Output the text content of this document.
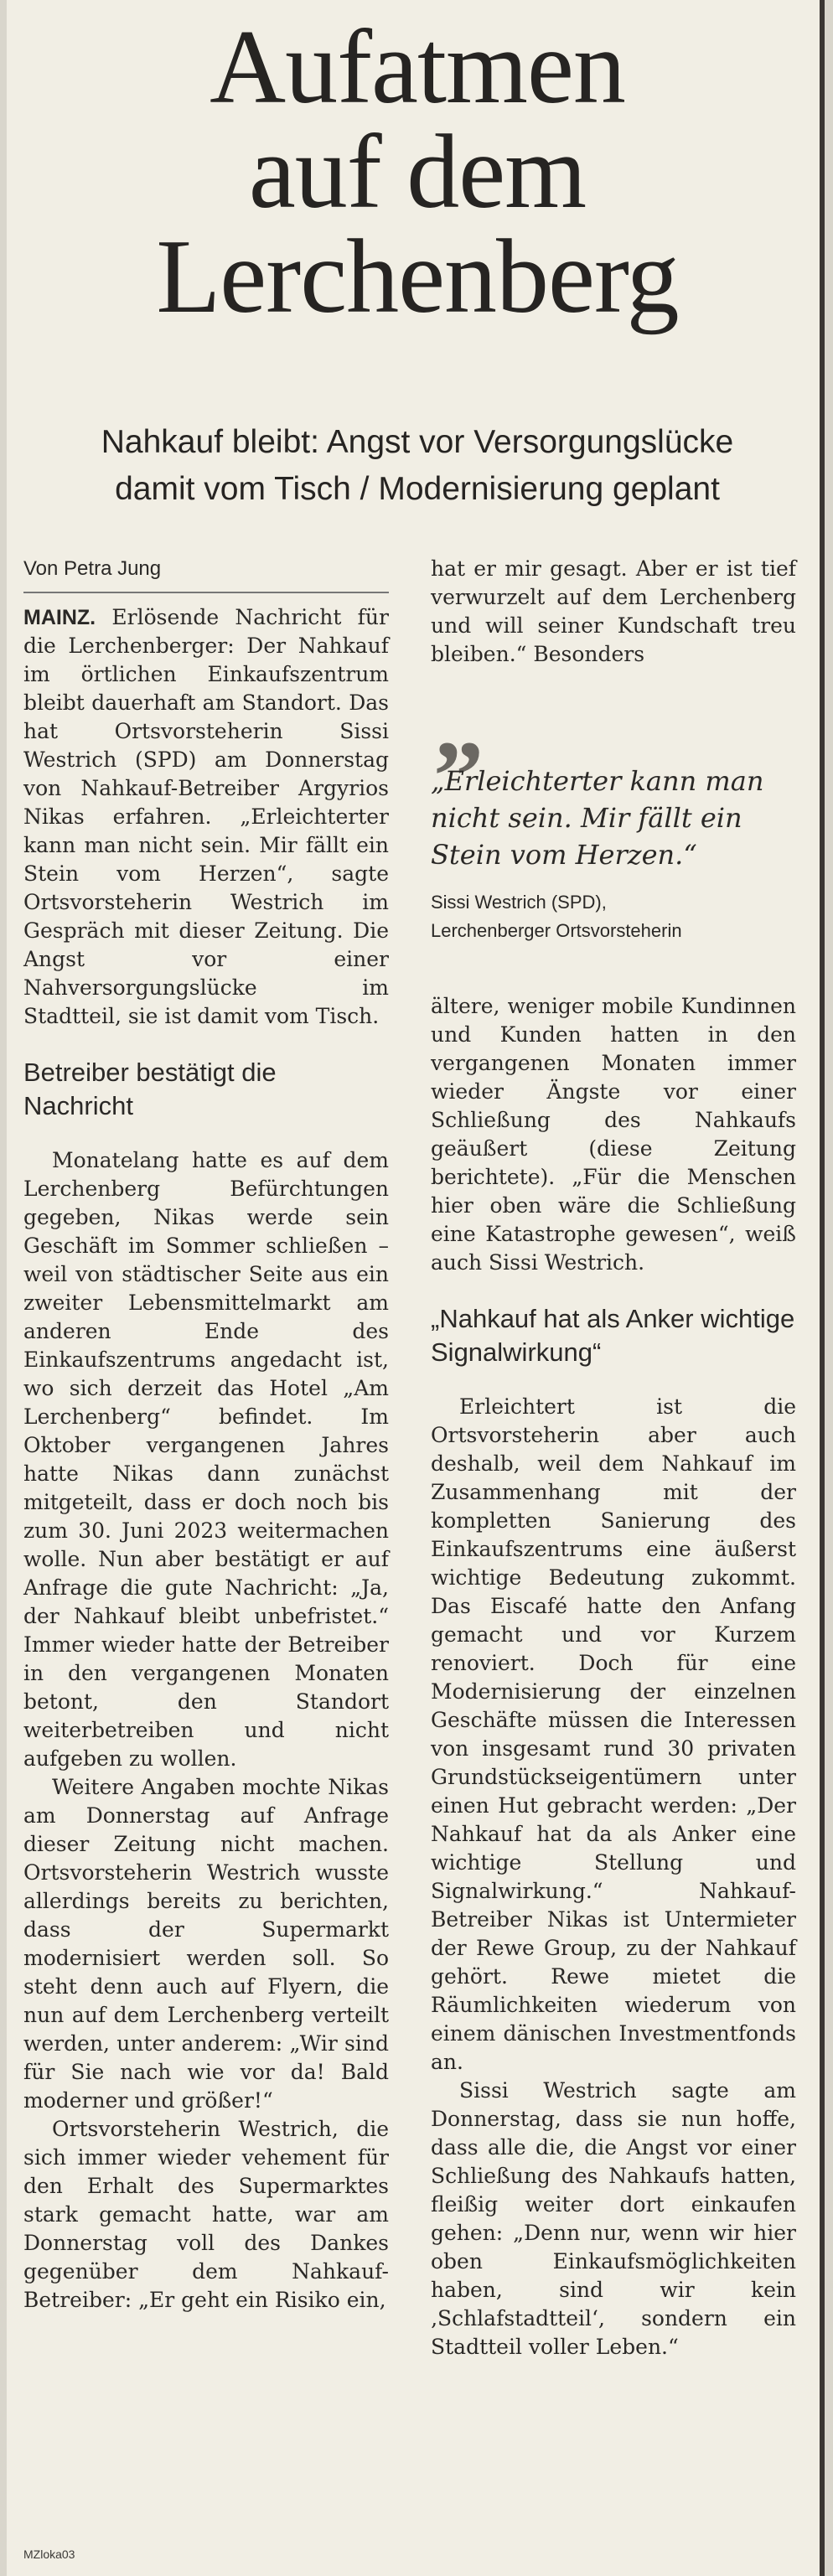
Aufatmen
auf dem
Lerchenberg
Nahkauf bleibt: Angst vor Versorgungslücke
damit vom Tisch / Modernisierung geplant
Von Petra Jung

MAINZ. Erlösende Nachricht für die Lerchenberger: Der Nahkauf im örtlichen Einkaufszentrum bleibt dauerhaft am Standort. Das hat Ortsvorsteherin Sissi Westrich (SPD) am Donnerstag von Nahkauf-Betreiber Argyrios Nikas erfahren. „Erleichterter kann man nicht sein. Mir fällt ein Stein vom Herzen“, sagte Ortsvorsteherin Westrich im Gespräch mit dieser Zeitung. Die Angst vor einer Nahversorgungslücke im Stadtteil, sie ist damit vom Tisch.

Betreiber bestätigt die Nachricht

Monatelang hatte es auf dem Lerchenberg Befürchtungen gegeben, Nikas werde sein Geschäft im Sommer schließen – weil von städtischer Seite aus ein zweiter Lebensmittelmarkt am anderen Ende des Einkaufszentrums angedacht ist, wo sich derzeit das Hotel „Am Lerchenberg“ befindet. Im Oktober vergangenen Jahres hatte Nikas dann zunächst mitgeteilt, dass er doch noch bis zum 30. Juni 2023 weitermachen wolle. Nun aber bestätigt er auf Anfrage die gute Nachricht: „Ja, der Nahkauf bleibt unbefristet.“ Immer wieder hatte der Betreiber in den vergangenen Monaten betont, den Standort weiterbetreiben und nicht aufgeben zu wollen.

Weitere Angaben mochte Nikas am Donnerstag auf Anfrage dieser Zeitung nicht machen. Ortsvorsteherin Westrich wusste allerdings bereits zu berichten, dass der Supermarkt modernisiert werden soll. So steht denn auch auf Flyern, die nun auf dem Lerchenberg verteilt werden, unter anderem: „Wir sind für Sie nach wie vor da! Bald moderner und größer!“

Ortsvorsteherin Westrich, die sich immer wieder vehement für den Erhalt des Supermarktes stark gemacht hatte, war am Donnerstag voll des Dankes gegenüber dem Nahkauf-Betreiber: „Er geht ein Risiko ein,

hat er mir gesagt. Aber er ist tief verwurzelt auf dem Lerchenberg und will seiner Kundschaft treu bleiben.“ Besonders

„
„Erleichterter kann man nicht sein. Mir fällt ein Stein vom Herzen.“
Sissi Westrich (SPD),
Lerchenberger Ortsvorsteherin

ältere, weniger mobile Kundinnen und Kunden hatten in den vergangenen Monaten immer wieder Ängste vor einer Schließung des Nahkaufs geäußert (diese Zeitung berichtete). „Für die Menschen hier oben wäre die Schließung eine Katastrophe gewesen“, weiß auch Sissi Westrich.

„Nahkauf hat als Anker wichtige Signalwirkung“

Erleichtert ist die Ortsvorsteherin aber auch deshalb, weil dem Nahkauf im Zusammenhang mit der kompletten Sanierung des Einkaufszentrums eine äußerst wichtige Bedeutung zukommt. Das Eiscafé hatte den Anfang gemacht und vor Kurzem renoviert. Doch für eine Modernisierung der einzelnen Geschäfte müssen die Interessen von insgesamt rund 30 privaten Grundstückseigentümern unter einen Hut gebracht werden: „Der Nahkauf hat da als Anker eine wichtige Stellung und Signalwirkung.“ Nahkauf-Betreiber Nikas ist Untermieter der Rewe Group, zu der Nahkauf gehört. Rewe mietet die Räumlichkeiten wiederum von einem dänischen Investmentfonds an.

Sissi Westrich sagte am Donnerstag, dass sie nun hoffe, dass alle die, die Angst vor einer Schließung des Nahkaufs hatten, fleißig weiter dort einkaufen gehen: „Denn nur, wenn wir hier oben Einkaufsmöglichkeiten haben, sind wir kein ‚Schlafstadtteil‘, sondern ein Stadtteil voller Leben.“

MZloka03
